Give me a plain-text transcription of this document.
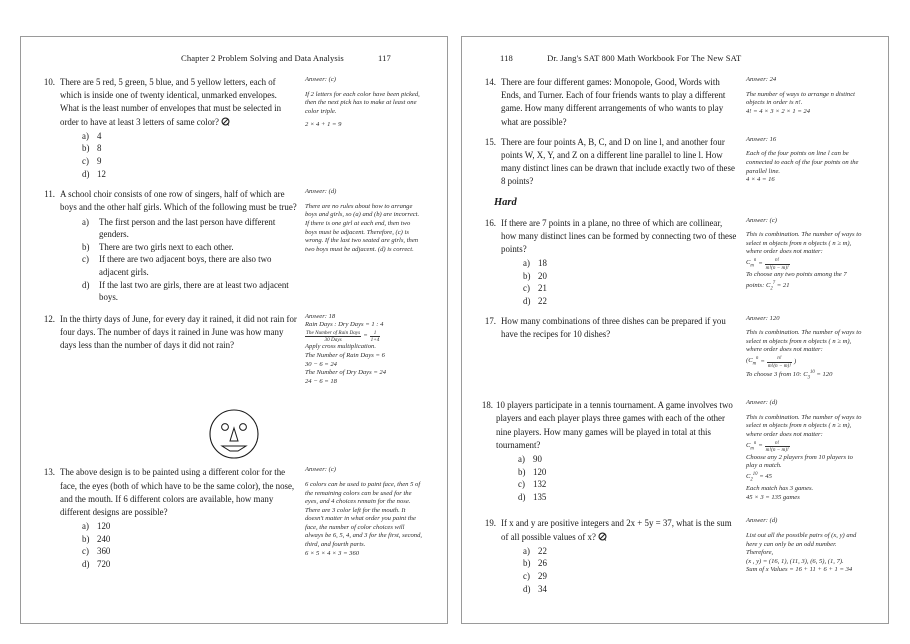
Chapter 2 Problem Solving and Data Analysis	117
10. There are 5 red, 5 green, 5 blue, and 5 yellow letters, each of which is inside one of twenty identical, unmarked envelopes. What is the least number of envelopes that must be selected in order to have at least 3 letters of same color?
a) 4
b) 8
c) 9
d) 12
Answer: (c)
If 2 letters for each color have been picked, then the next pick has to make at least one color triple.
2 × 4 + 1 = 9
11. A school choir consists of one row of singers, half of which are boys and the other half girls. Which of the following must be true?
a)	The first person and the last person have different genders.
b)	There are two girls next to each other.
c)	If there are two adjacent boys, there are also two adjacent girls.
d)	If the last two are girls, there are at least two adjacent boys.
Answer: (d)
There are no rules about how to arrange boys and girls, so (a) and (b) are incorrect.
If there is one girl at each end, then two boys must be adjacent. Therefore, (c) is wrong. If the last two seated are girls, then two boys must be adjacent. (d) is correct.
12. In the thirty days of June, for every day it rained, it did not rain for four days. The number of days it rained in June was how many days less than the number of days it did not rain?
Answer: 18
Rain Days : Dry Days = 1 : 4
$\frac{\text{The Number of Rain Days}}{\text{30 Days}} = \frac{1}{1+4}$
Apply cross multiplication.
The Number of Rain Days = 6
30 − 6 = 24
The Number of Dry Days = 24
24 − 6 = 18
13. The above design is to be painted using a different color for the face, the eyes (both of which have to be the same color), the nose, and the mouth. If 6 different colors are available, how many different designs are possible?
a) 120
b) 240
c) 360
d) 720
Answer: (c)
6 colors can be used to paint face, then 5 of the remaining colors can be used for the eyes, and 4 choices remain for the nose. There are 3 color left for the mouth. It doesn't matter in what order you paint the face, the number of color choices will always be 6, 5, 4, and 3 for the first, second, third, and fourth parts.
6 × 5 × 4 × 3 = 360
118	Dr. Jang's SAT 800 Math Workbook For The New SAT
14. There are four different games: Monopole, Good, Words with Ends, and Turner. Each of four friends wants to play a different game. How many different arrangements of who wants to play what are possible?
Answer: 24
The number of ways to arrange n distinct objects in order is n!.
4! = 4 × 3 × 2 × 1 = 24
15. There are four points A, B, C, and D on line l, and another four points W, X, Y, and Z on a different line parallel to line l. How many distinct lines can be drawn that include exactly two of these 8 points?
Answer: 16
Each of the four points on line l can be connected to each of the four points on the parallel line.
4 × 4 = 16
Hard
16. If there are 7 points in a plane, no three of which are collinear, how many distinct lines can be formed by connecting two of these points?
a) 18
b) 20
c) 21
d) 22
Answer: (c)
This is combination. The number of ways to select m objects from n objects ( n ≥ m), where order does not matter:
$C_m^n = \frac{n!}{m!(n - m)!}$
To choose any two points among the 7 points: $C_2^7 = 21$
17. How many combinations of three dishes can be prepared if you have the recipes for 10 dishes?
Answer: 120
This is combination. The number of ways to select m objects from n objects ( n ≥ m), where order does not matter:
($C_m^n = \frac{n!}{m!(n - m)!}$ )
To choose 3 from 10: $C_3^{10} = 120$
18. 10 players participate in a tennis tournament. A game involves two players and each player plays three games with each of the other nine players. How many games will be played in total at this tournament?
a) 90
b) 120
c) 132
d) 135
Answer: (d)
This is combination. The number of ways to select m objects from n objects ( n ≥ m), where order does not matter:
$C_m^n = \frac{n!}{m!(n - m)!}$
Choose any 2 players from 10 players to play a match.
$C_2^{10} = 45$
Each match has 3 games.
45 × 3 = 135 games
19. If x and y are positive integers and 2x + 5y = 37, what is the sum of all possible values of x?
a) 22
b) 26
c) 29
d) 34
Answer: (d)
List out all the possible pairs of (x, y) and here y can only be an odd number. Therefore,
(x , y) = (16, 1), (11, 3), (6, 5), (1, 7).
Sum of x Values = 16 + 11 + 6 + 1 = 34
